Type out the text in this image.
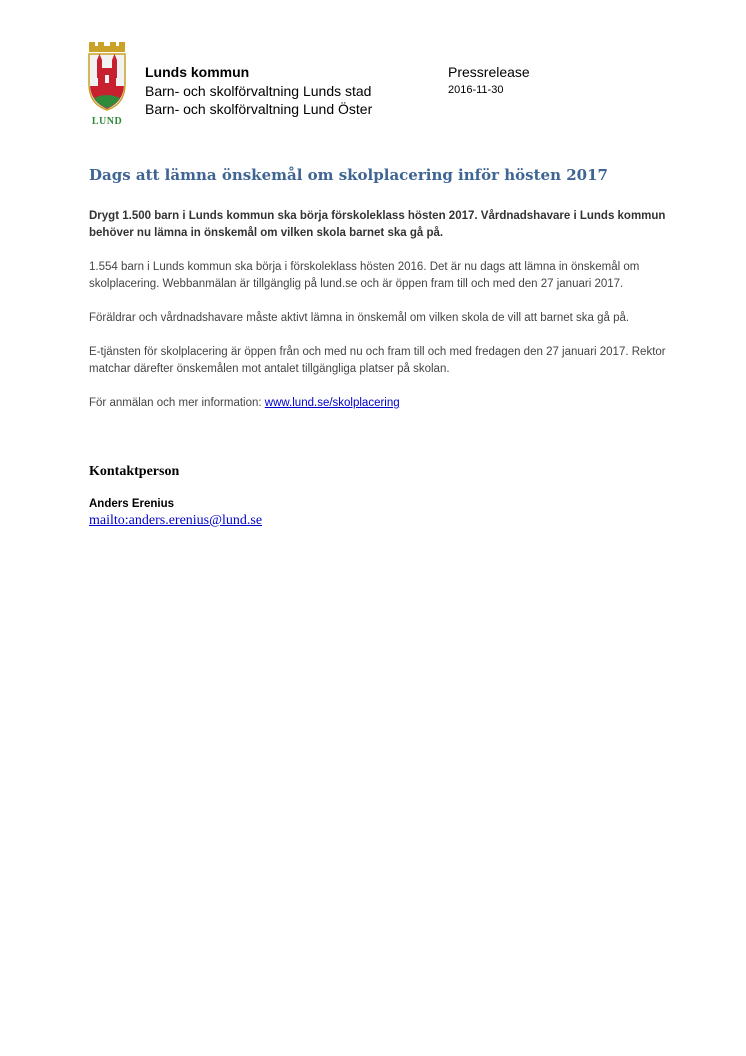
LUND
Lunds kommun
Barn- och skolförvaltning Lunds stad
Barn- och skolförvaltning Lund Öster
Pressrelease
2016-11-30
Dags att lämna önskemål om skolplacering inför hösten 2017

Drygt 1.500 barn i Lunds kommun ska börja förskoleklass hösten 2017. Vårdnadshavare i Lunds kommun behöver nu lämna in önskemål om vilken skola barnet ska gå på.

1.554 barn i Lunds kommun ska börja i förskoleklass hösten 2016. Det är nu dags att lämna in önskemål om skolplacering. Webbanmälan är tillgänglig på lund.se och är öppen fram till och med den 27 januari 2017.

Föräldrar och vårdnadshavare måste aktivt lämna in önskemål om vilken skola de vill att barnet ska gå på.

E-tjänsten för skolplacering är öppen från och med nu och fram till och med fredagen den 27 januari 2017. Rektor matchar därefter önskemålen mot antalet tillgängliga platser på skolan.

För anmälan och mer information: www.lund.se/skolplacering

Kontaktperson
Anders Erenius
mailto:anders.erenius@lund.se
